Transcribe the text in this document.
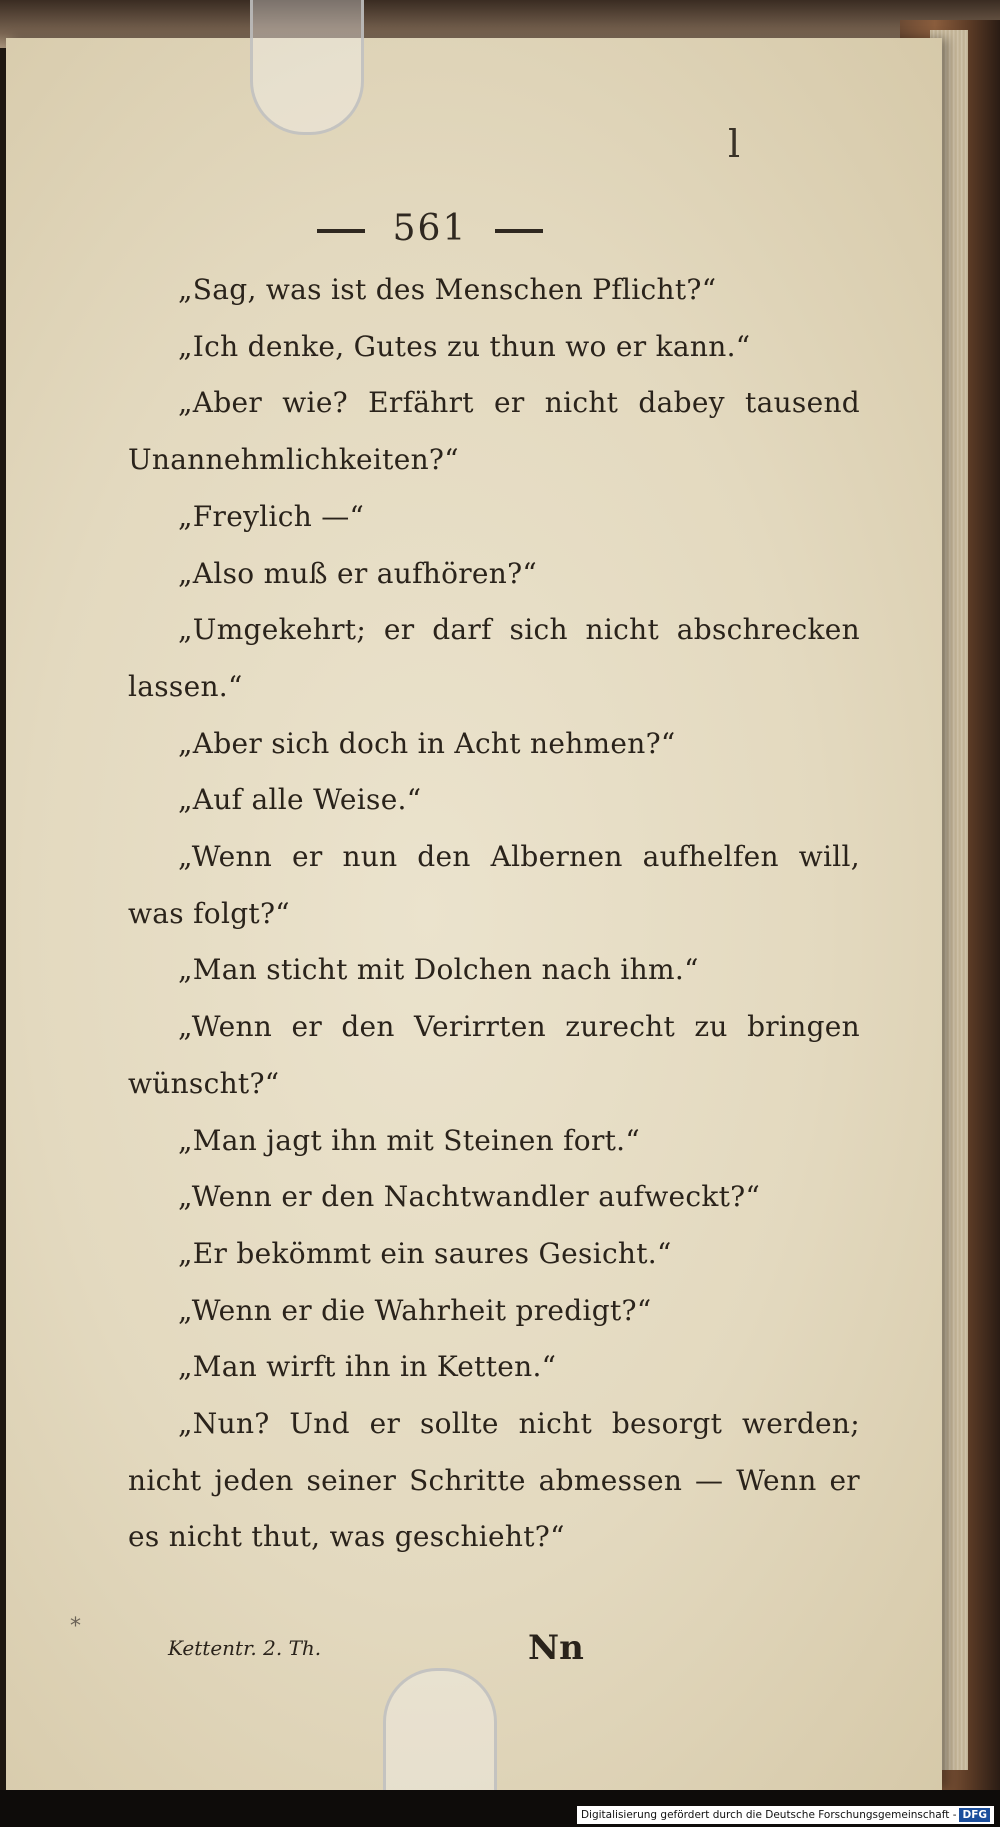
l
561

„Sag, was ist des Menschen Pflicht?“

„Ich denke, Gutes zu thun wo er kann.“

„Aber wie? Erfährt er nicht dabey tausend Unannehmlichkeiten?“

„Freylich —“

„Also muß er aufhören?“

„Umgekehrt; er darf sich nicht abschrecken lassen.“

„Aber sich doch in Acht nehmen?“

„Auf alle Weise.“

„Wenn er nun den Albernen aufhelfen will, was folgt?“

„Man sticht mit Dolchen nach ihm.“

„Wenn er den Verirrten zurecht zu bringen wünscht?“

„Man jagt ihn mit Steinen fort.“

„Wenn er den Nachtwandler aufweckt?“

„Er bekömmt ein saures Gesicht.“

„Wenn er die Wahrheit predigt?“

„Man wirft ihn in Ketten.“

„Nun? Und er sollte nicht besorgt werden; nicht jeden seiner Schritte abmessen — Wenn er es nicht thut, was geschieht?“

*
Kettentr. 2. Th.	Nn
Digitalisierung gefördert durch die Deutsche Forschungsgemeinschaft - DFG
